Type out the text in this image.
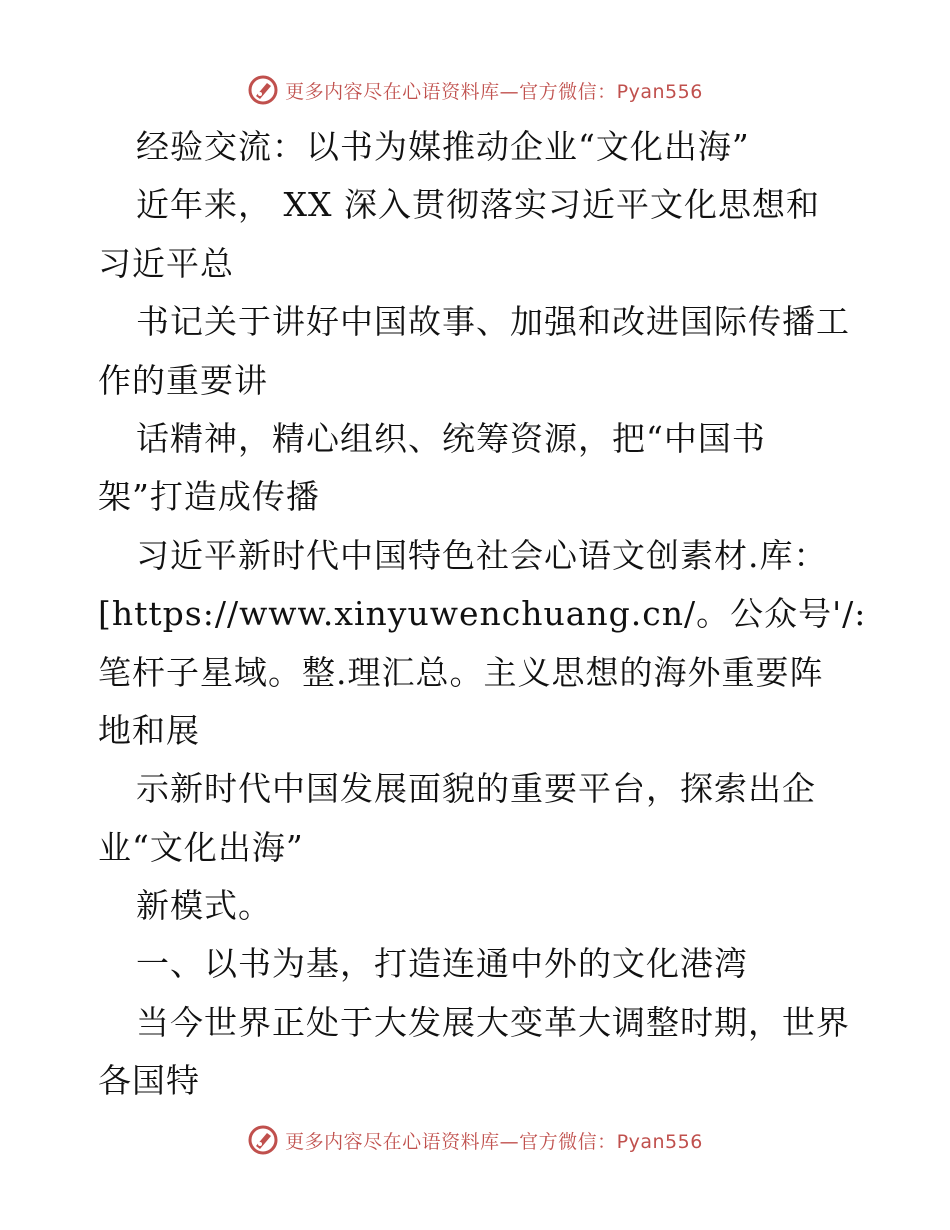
更多内容尽在心语资料库—官方微信：Pyan556
经验交流：以书为媒推动企业“文化出海”
近年来， XX 深入贯彻落实习近平文化思想和
习近平总
书记关于讲好中国故事、加强和改进国际传播工
作的重要讲
话精神，精心组织、统筹资源，把“中国书
架”打造成传播
习近平新时代中国特色社会心语文创素材.库：
[https://www.xinyuwenchuang.cn/。公众号'/:
笔杆子星域。整.理汇总。主义思想的海外重要阵
地和展
示新时代中国发展面貌的重要平台，探索出企
业“文化出海”
新模式。
一、以书为基，打造连通中外的文化港湾
当今世界正处于大发展大变革大调整时期，世界
各国特
更多内容尽在心语资料库—官方微信：Pyan556
